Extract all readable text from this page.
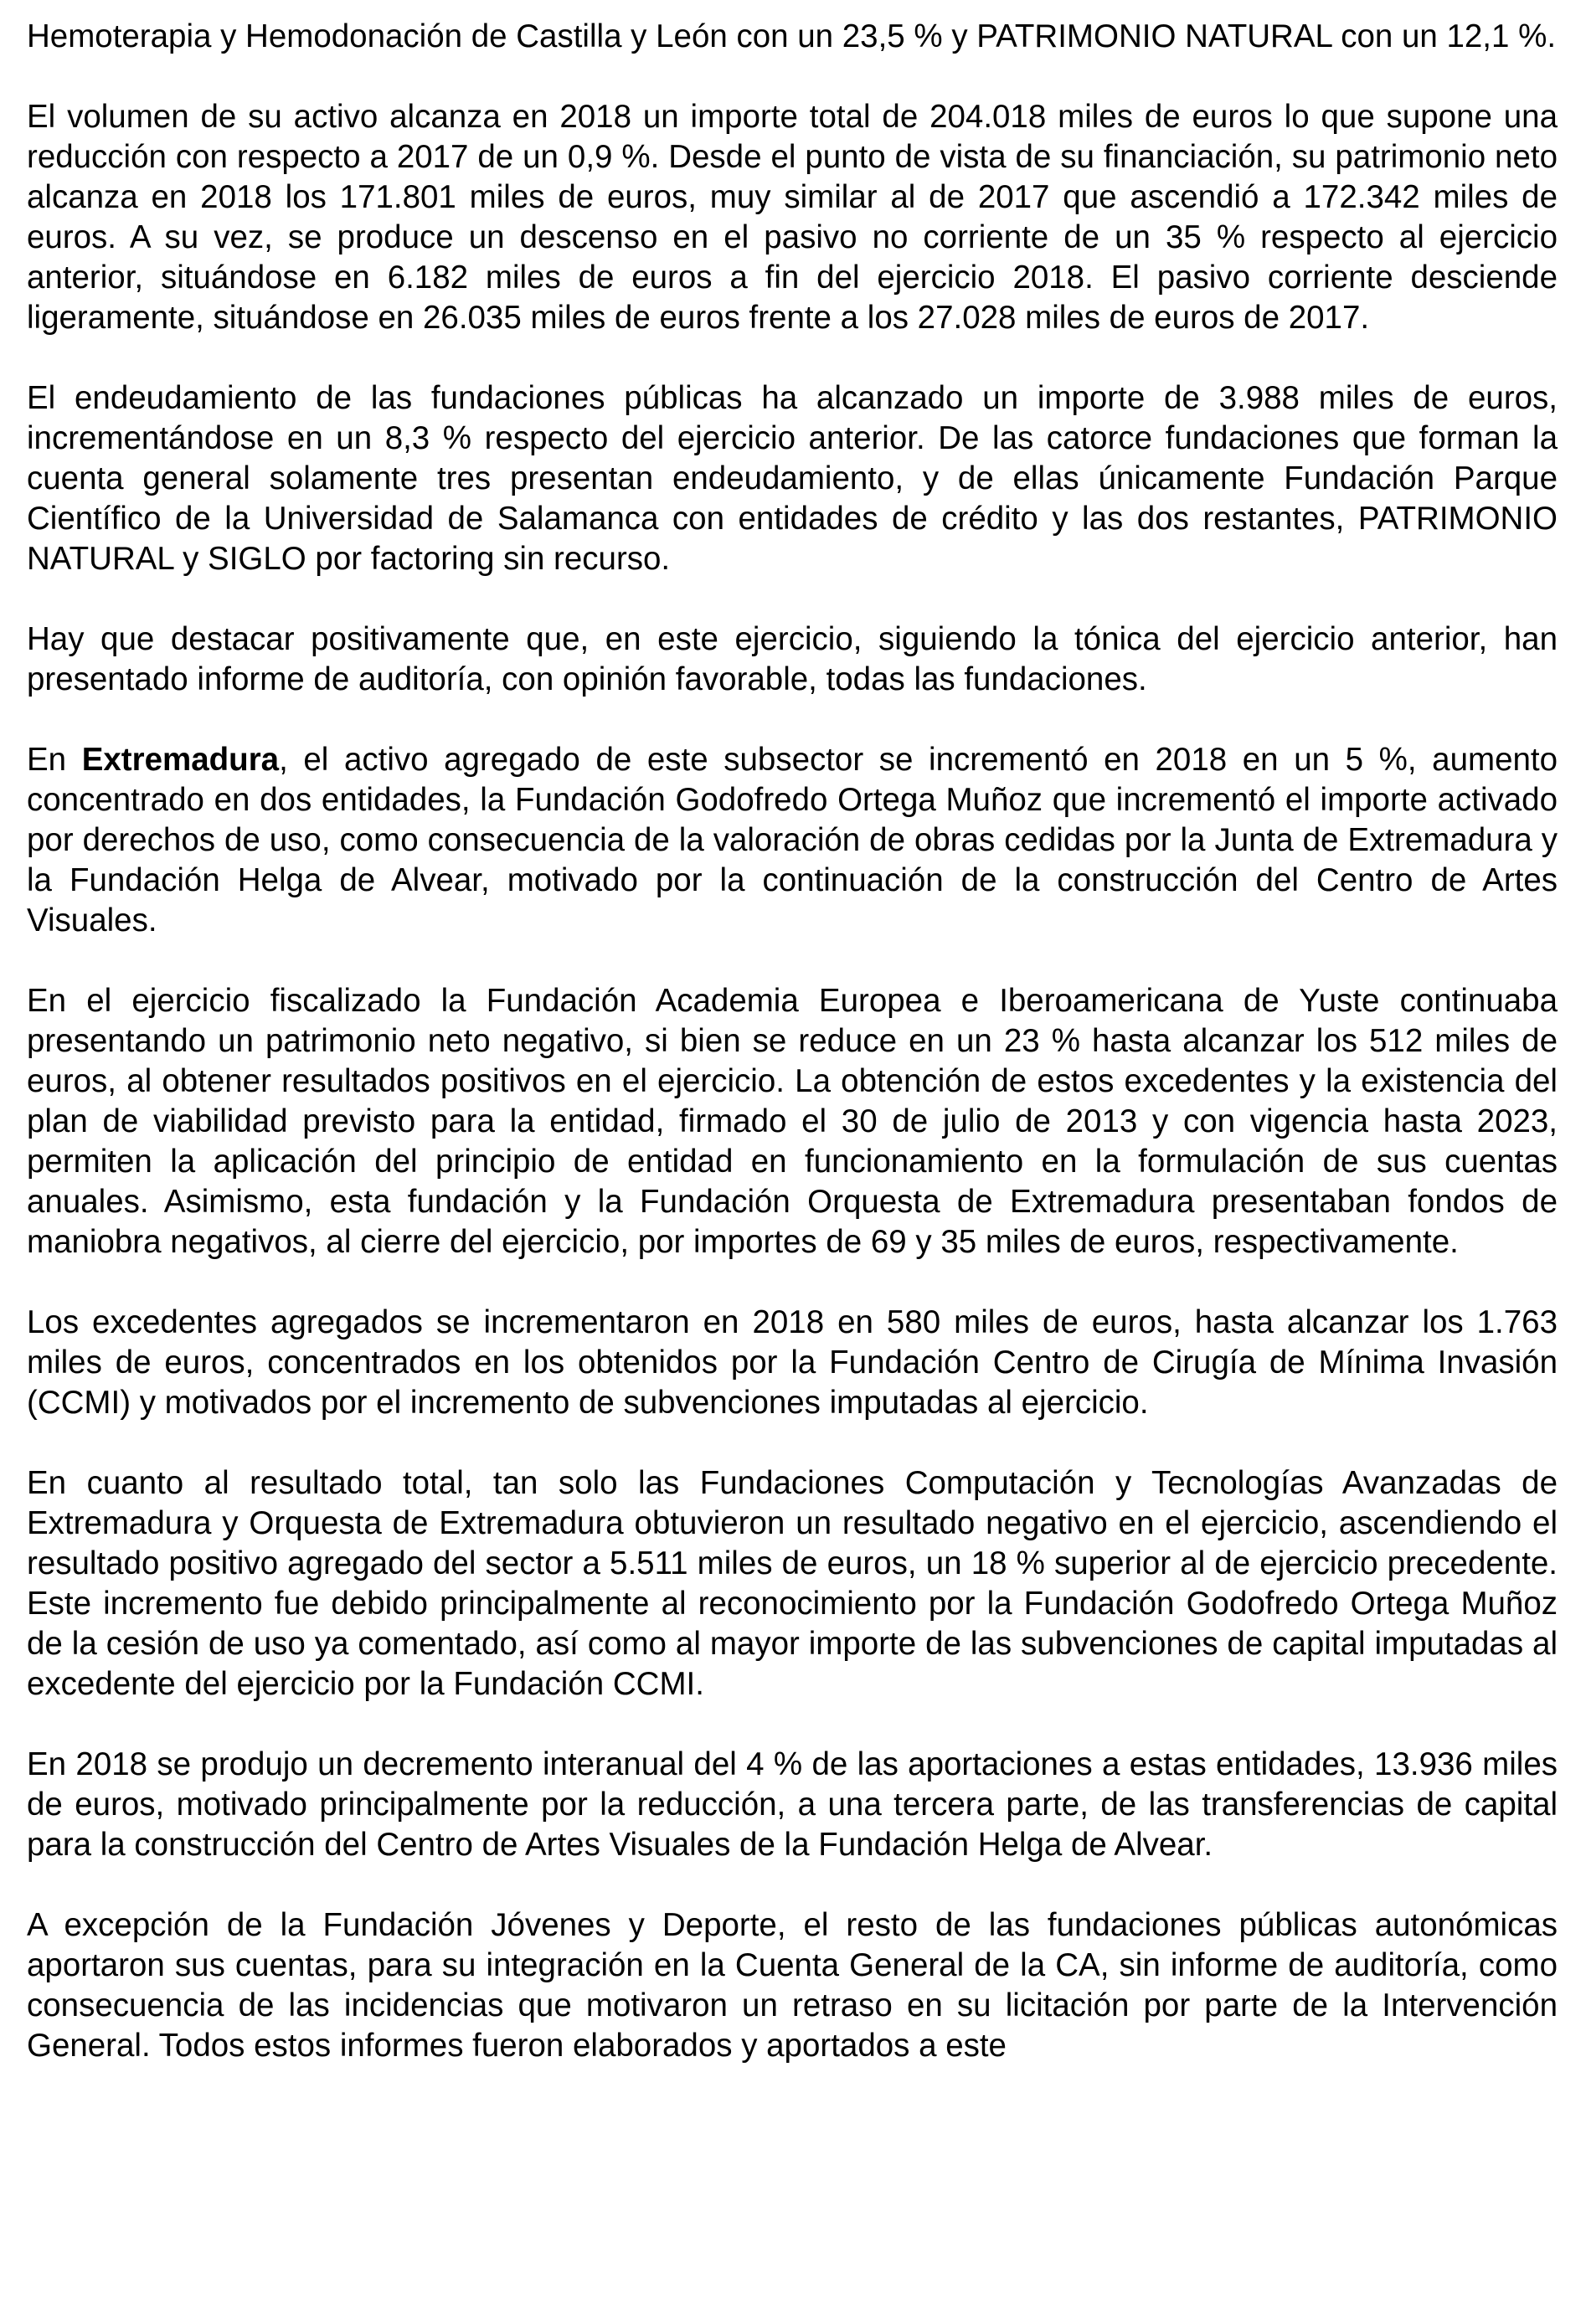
Hemoterapia y Hemodonación de Castilla y León con un 23,5 % y PATRIMONIO NATURAL con un 12,1 %.

El volumen de su activo alcanza en 2018 un importe total de 204.018 miles de euros lo que supone una reducción con respecto a 2017 de un 0,9 %. Desde el punto de vista de su financiación, su patrimonio neto alcanza en 2018 los 171.801 miles de euros, muy similar al de 2017 que ascendió a 172.342 miles de euros. A su vez, se produce un descenso en el pasivo no corriente de un 35 % respecto al ejercicio anterior, situándose en 6.182 miles de euros a fin del ejercicio 2018. El pasivo corriente desciende ligeramente, situándose en 26.035 miles de euros frente a los 27.028 miles de euros de 2017.

El endeudamiento de las fundaciones públicas ha alcanzado un importe de 3.988 miles de euros, incrementándose en un 8,3 % respecto del ejercicio anterior. De las catorce fundaciones que forman la cuenta general solamente tres presentan endeudamiento, y de ellas únicamente Fundación Parque Científico de la Universidad de Salamanca con entidades de crédito y las dos restantes, PATRIMONIO NATURAL y SIGLO por factoring sin recurso.

Hay que destacar positivamente que, en este ejercicio, siguiendo la tónica del ejercicio anterior, han presentado informe de auditoría, con opinión favorable, todas las fundaciones.

En Extremadura, el activo agregado de este subsector se incrementó en 2018 en un 5 %, aumento concentrado en dos entidades, la Fundación Godofredo Ortega Muñoz que incrementó el importe activado por derechos de uso, como consecuencia de la valoración de obras cedidas por la Junta de Extremadura y la Fundación Helga de Alvear, motivado por la continuación de la construcción del Centro de Artes Visuales.

En el ejercicio fiscalizado la Fundación Academia Europea e Iberoamericana de Yuste continuaba presentando un patrimonio neto negativo, si bien se reduce en un 23 % hasta alcanzar los 512 miles de euros, al obtener resultados positivos en el ejercicio. La obtención de estos excedentes y la existencia del plan de viabilidad previsto para la entidad, firmado el 30 de julio de 2013 y con vigencia hasta 2023, permiten la aplicación del principio de entidad en funcionamiento en la formulación de sus cuentas anuales. Asimismo, esta fundación y la Fundación Orquesta de Extremadura presentaban fondos de maniobra negativos, al cierre del ejercicio, por importes de 69 y 35 miles de euros, respectivamente.

Los excedentes agregados se incrementaron en 2018 en 580 miles de euros, hasta alcanzar los 1.763 miles de euros, concentrados en los obtenidos por la Fundación Centro de Cirugía de Mínima Invasión (CCMI) y motivados por el incremento de subvenciones imputadas al ejercicio.

En cuanto al resultado total, tan solo las Fundaciones Computación y Tecnologías Avanzadas de Extremadura y Orquesta de Extremadura obtuvieron un resultado negativo en el ejercicio, ascendiendo el resultado positivo agregado del sector a 5.511 miles de euros, un 18 % superior al de ejercicio precedente. Este incremento fue debido principalmente al reconocimiento por la Fundación Godofredo Ortega Muñoz de la cesión de uso ya comentado, así como al mayor importe de las subvenciones de capital imputadas al excedente del ejercicio por la Fundación CCMI.

En 2018 se produjo un decremento interanual del 4 % de las aportaciones a estas entidades, 13.936 miles de euros, motivado principalmente por la reducción, a una tercera parte, de las transferencias de capital para la construcción del Centro de Artes Visuales de la Fundación Helga de Alvear.

A excepción de la Fundación Jóvenes y Deporte, el resto de las fundaciones públicas autonómicas aportaron sus cuentas, para su integración en la Cuenta General de la CA, sin informe de auditoría, como consecuencia de las incidencias que motivaron un retraso en su licitación por parte de la Intervención General. Todos estos informes fueron elaborados y aportados a este
